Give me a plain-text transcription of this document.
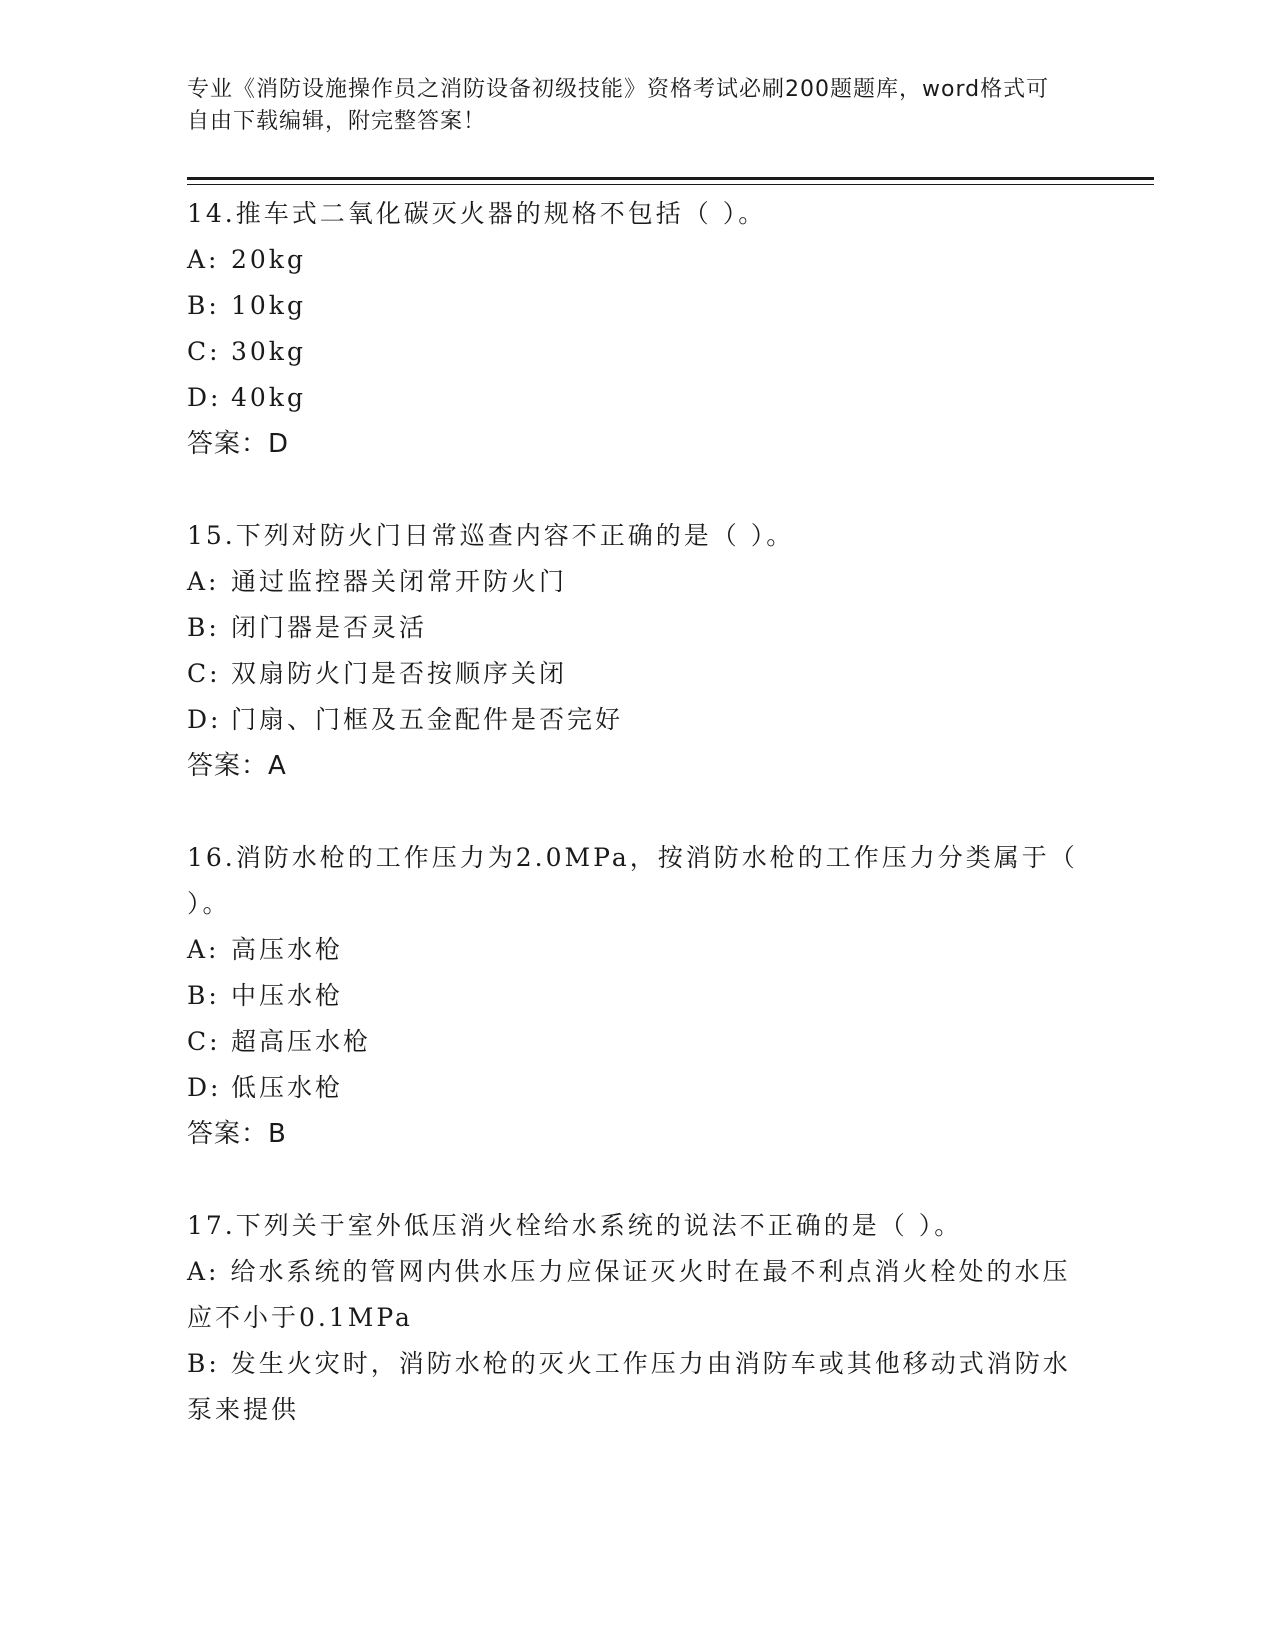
专业《消防设施操作员之消防设备初级技能》资格考试必刷200题题库，word格式可自由下载编辑，附完整答案！

14.推车式二氧化碳灭火器的规格不包括（ ）。

A: 20kg

B: 10kg

C: 30kg

D: 40kg

答案：D

15.下列对防火门日常巡查内容不正确的是（ ）。

A: 通过监控器关闭常开防火门

B: 闭门器是否灵活

C: 双扇防火门是否按顺序关闭

D: 门扇、门框及五金配件是否完好

答案：A

16.消防水枪的工作压力为2.0MPa，按消防水枪的工作压力分类属于（ ）。

A: 高压水枪

B: 中压水枪

C: 超高压水枪

D: 低压水枪

答案：B

17.下列关于室外低压消火栓给水系统的说法不正确的是（ ）。

A: 给水系统的管网内供水压力应保证灭火时在最不利点消火栓处的水压应不小于0.1MPa

B: 发生火灾时，消防水枪的灭火工作压力由消防车或其他移动式消防水泵来提供
